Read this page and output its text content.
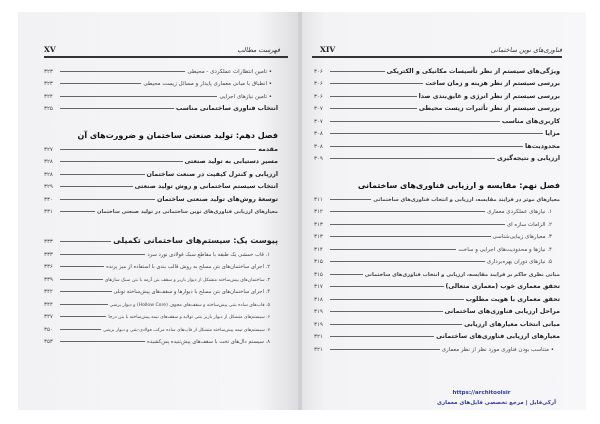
فهرست مطالب
XV
• تامین انتظارات عملکردی - محیطی
۳۲۳
• انطباق با مبانی معماری پایدار و مسائل زیست محیطی
۳۲۳
• تامین نیازهای اجرایی
۳۲۴
انتخاب فناوری ساختمانی مناسب
۳۲۵
فصل دهم: تولید صنعتی ساختمان و ضرورت‌های آن
مقدمه
۳۲۷
مسیر دستیابی به تولید صنعتی
۳۲۸
ارزیابی و کنترل کیفیت در صنعت ساختمان
۳۲۸
انتخاب سیستم ساختمانی و روش تولید صنعتی
۳۲۹
توسعهٔ روش‌های تولید صنعتی ساختمان
۳۳۰
معیارهای ارزیابی فناوری‌های نوین ساختمانی در تولید صنعتی ساختمان
۳۳۱
پیوست یک: سیستم‌های ساختمانی تکمیلی
۳۳۳
۱. قاب خمشی یک طبقه با مقاطع سبک فولادی نورد سرد
۳۳۳
۲. اجرای ساختمان‌های بتن مسلح به روش قالب بندی با استفاده از میز پرنده
۳۳۶
۳. ساختمان‌های پیش‌ساخته متشکل از دیوار باربر و سقف بتن آرمه با بتن سبک سازهای
۳۳۹
۴. اجرای ساختمان‌های بتن مسلح با دیوارها و سقف‌های پیش‌ساخته تونلی
۳۴۲
۵. قاب‌های ساده بتنی پیش‌ساخته و سقف‌های مجوف (Hollow Core) و دیوار برشی
۳۴۴
۶. سیستم‌های متشکل از دیوار باربر بتنی تولایه و سقف‌های نیمه پیش‌ساخته با بتن درجا
۳۴۷
۷. سیستم‌های نیمه پیش‌ساخته متشکل از قاب‌های ساده مرکب فولادی-بتنی و دیوار برشی
۳۵۰
۸. سیستم دال‌های تخت با سقف‌های پیش‌تنیده پس‌کشیده
۳۵۳
فناوری‌های نوین ساختمانی
XIV
ویژگی‌های سیستم از نظر تأسیسات مکانیکی و الکتریکی
۳۰۶
بررسی سیستم از نظر هزینه و زمان ساخت
۳۰۶
بررسی سیستم از نظر انرژی و عایق‌بندی صدا
۳۰۶
بررسی سیستم از نظر تأثیرات زیست محیطی
۳۰۷
کاربری‌های مناسب
۳۰۷
مزایا
۳۰۸
محدودیت‌ها
۳۰۸
ارزیابی و نتیجه‌گیری
۳۰۹
فصل نهم: مقایسه و ارزیابی فناوری‌های ساختمانی
معیارهای موثر در فرایند مقایسه، ارزیابی و انتخاب فناوری‌های ساختمانی
۳۱۱
۱. نیازهای عملکردی معماری
۳۱۲
۲. الزامات سازه ای
۳۱۳
۳. معیارهای زیبایی‌شناسی
۳۱۳
۴. نیازها و محدودیت‌های اجرایی و ساخت
۳۱۴
۵. نیازهای دوران بهره‌برداری
۳۱۵
مبانی نظری حاکم بر فرایند مقایسه، ارزیابی و انتخاب فناوری‌های ساختمانی
۳۱۵
تحقق معماری خوب (معماری متعالی)
۳۱۷
تحقق معماری با هویت مطلوب
۳۱۸
مراحل ارزیابی فناوری‌های ساختمانی
۳۱۹
مبانی انتخاب معیارهای ارزیابی
۳۱۹
معیارهای ارزیابی فناوری‌های ساختمانی
۳۲۱
• متناسب بودن فناوری مورد نظر از نظر معماری
۳۲۱
https://architoolsir
آرکی‌فایل | مرجع تخصصی فایل‌های معماری
